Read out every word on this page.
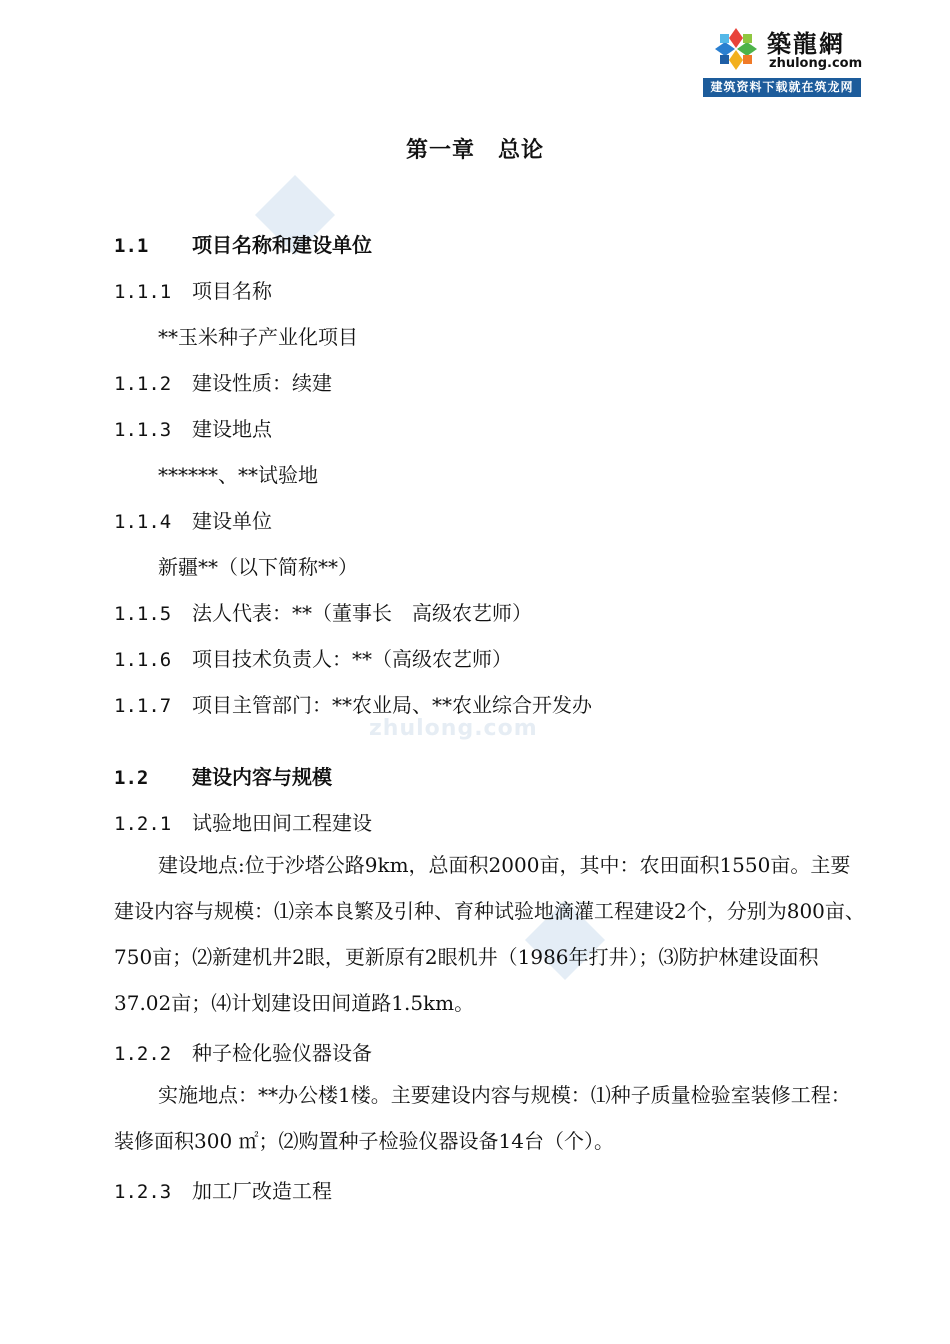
築龍網
zhulong.com
建筑资料下载就在筑龙网
zhulong.com
第一章　总论
1.1 项目名称和建设单位
1.1.1 项目名称
**玉米种子产业化项目
1.1.2 建设性质：续建
1.1.3 建设地点
******、**试验地
1.1.4 建设单位
新疆**（以下简称**）
1.1.5 法人代表：**（董事长　高级农艺师）
1.1.6 项目技术负责人：**（高级农艺师）
1.1.7 项目主管部门：**农业局、**农业综合开发办
1.2 建设内容与规模
1.2.1 试验地田间工程建设
建设地点:位于沙塔公路9km，总面积2000亩，其中：农田面积1550亩。主要建设内容与规模：⑴亲本良繁及引种、育种试验地滴灌工程建设2个，分别为800亩、750亩；⑵新建机井2眼，更新原有2眼机井（1986年打井）；⑶防护林建设面积37.02亩；⑷计划建设田间道路1.5km。
1.2.2 种子检化验仪器设备
实施地点：**办公楼1楼。主要建设内容与规模：⑴种子质量检验室装修工程：装修面积300 ㎡；⑵购置种子检验仪器设备14台（个）。
1.2.3 加工厂改造工程
